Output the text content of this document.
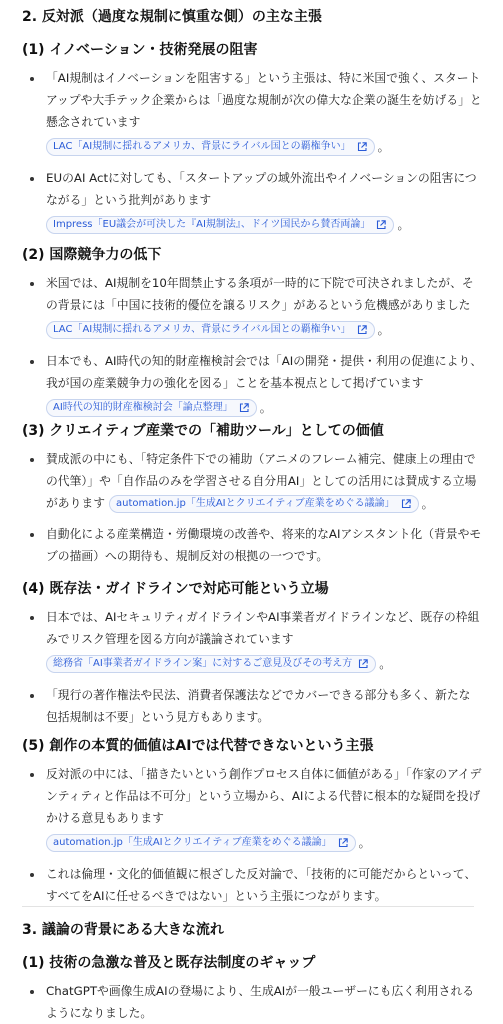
2. 反対派（過度な規制に慎重な側）の主な主張
(1) イノベーション・技術発展の阻害
「AI規制はイノベーションを阻害する」という主張は、特に米国で強く、スタートアップや大手テック企業からは「過度な規制が次の偉大な企業の誕生を妨げる」と懸念されています
LAC「AI規制に揺れるアメリカ、背景にライバル国との覇権争い」 。
EUのAI Actに対しても、「スタートアップの域外流出やイノベーションの阻害につながる」という批判があります
Impress「EU議会が可決した『AI規制法』、ドイツ国民から賛否両論」 。
(2) 国際競争力の低下
米国では、AI規制を10年間禁止する条項が一時的に下院で可決されましたが、その背景には「中国に技術的優位を譲るリスク」があるという危機感がありました
LAC「AI規制に揺れるアメリカ、背景にライバル国との覇権争い」 。
日本でも、AI時代の知的財産権検討会では「AIの開発・提供・利用の促進により、我が国の産業競争力の強化を図る」ことを基本視点として掲げています
AI時代の知的財産権検討会「論点整理」 。
(3) クリエイティブ産業での「補助ツール」としての価値
賛成派の中にも、「特定条件下での補助（アニメのフレーム補完、健康上の理由での代筆）」や「自作品のみを学習させる自分用AI」としての活用には賛成する立場があります automation.jp「生成AIとクリエイティブ産業をめぐる議論」 。
自動化による産業構造・労働環境の改善や、将来的なAIアシスタント化（背景やモブの描画）への期待も、規制反対の根拠の一つです。
(4) 既存法・ガイドラインで対応可能という立場
日本では、AIセキュリティガイドラインやAI事業者ガイドラインなど、既存の枠組みでリスク管理を図る方向が議論されています
総務省「AI事業者ガイドライン案」に対するご意見及びその考え方 。
「現行の著作権法や民法、消費者保護法などでカバーできる部分も多く、新たな包括規制は不要」という見方もあります。
(5) 創作の本質的価値はAIでは代替できないという主張
反対派の中には、「描きたいという創作プロセス自体に価値がある」「作家のアイデンティティと作品は不可分」という立場から、AIによる代替に根本的な疑問を投げかける意見もあります
automation.jp「生成AIとクリエイティブ産業をめぐる議論」 。
これは倫理・文化的価値観に根ざした反対論で、「技術的に可能だからといって、すべてをAIに任せるべきではない」という主張につながります。
3. 議論の背景にある大きな流れ
(1) 技術の急激な普及と既存法制度のギャップ
ChatGPTや画像生成AIの登場により、生成AIが一般ユーザーにも広く利用されるようになりました。
